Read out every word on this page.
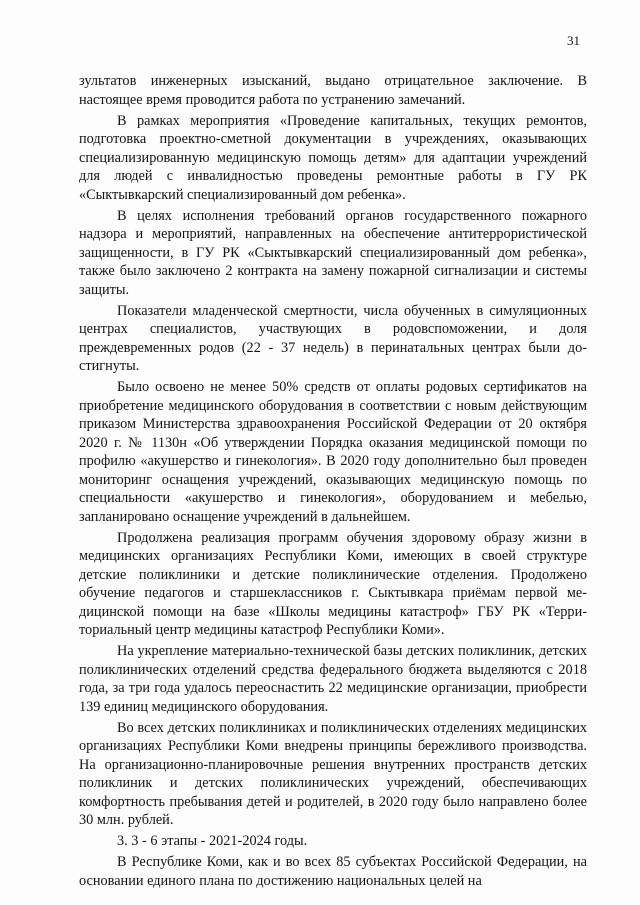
31

зультатов инженерных изысканий, выдано отрицательное заключение. В настоящее время проводится работа по устранению замечаний.

В рамках мероприятия «Проведение капитальных, текущих ремонтов, подготовка проектно-сметной документации в учреждениях, оказывающих специализированную медицинскую помощь детям» для адаптации учреждений для людей с инвалидностью проведены ремонтные работы в ГУ РК «Сыктывкарский специализированный дом ребенка».

В целях исполнения требований органов государственного пожарного надзора и мероприятий, направленных на обеспечение антитеррористической защищенности, в ГУ РК «Сыктывкарский специализированный дом ребенка», также было заключено 2 контракта на замену пожарной сигнализации и системы защиты.

Показатели младенческой смертности, числа обученных в симуляционных центрах специалистов, участвующих в родовспоможении, и доля преждевременных родов (22 - 37 недель) в перинатальных центрах были достигнуты.

Было освоено не менее 50% средств от оплаты родовых сертификатов на приобретение медицинского оборудования в соответствии с новым действующим приказом Министерства здравоохранения Российской Федерации от 20 октября 2020 г. № 1130н «Об утверждении Порядка оказания медицинской помощи по профилю «акушерство и гинекология». В 2020 году дополнительно был проведен мониторинг оснащения учреждений, оказывающих медицинскую помощь по специальности «акушерство и гинекология», оборудованием и мебелью, запланировано оснащение учреждений в дальнейшем.

Продолжена реализация программ обучения здоровому образу жизни в медицинских организациях Республики Коми, имеющих в своей структуре детские поликлиники и детские поликлинические отделения. Продолжено обучение педагогов и старшеклассников г. Сыктывкара приёмам первой медицинской помощи на базе «Школы медицины катастроф» ГБУ РК «Территориальный центр медицины катастроф Республики Коми».

На укрепление материально-технической базы детских поликлиник, детских поликлинических отделений средства федерального бюджета выделяются с 2018 года, за три года удалось переоснастить 22 медицинские организации, приобрести 139 единиц медицинского оборудования.

Во всех детских поликлиниках и поликлинических отделениях медицинских организациях Республики Коми внедрены принципы бережливого производства. На организационно-планировочные решения внутренних пространств детских поликлиник и детских поликлинических учреждений, обеспечивающих комфортность пребывания детей и родителей, в 2020 году было направлено более 30 млн. рублей.

3. 3 - 6 этапы - 2021-2024 годы.

В Республике Коми, как и во всех 85 субъектах Российской Федерации, на основании единого плана по достижению национальных целей на
